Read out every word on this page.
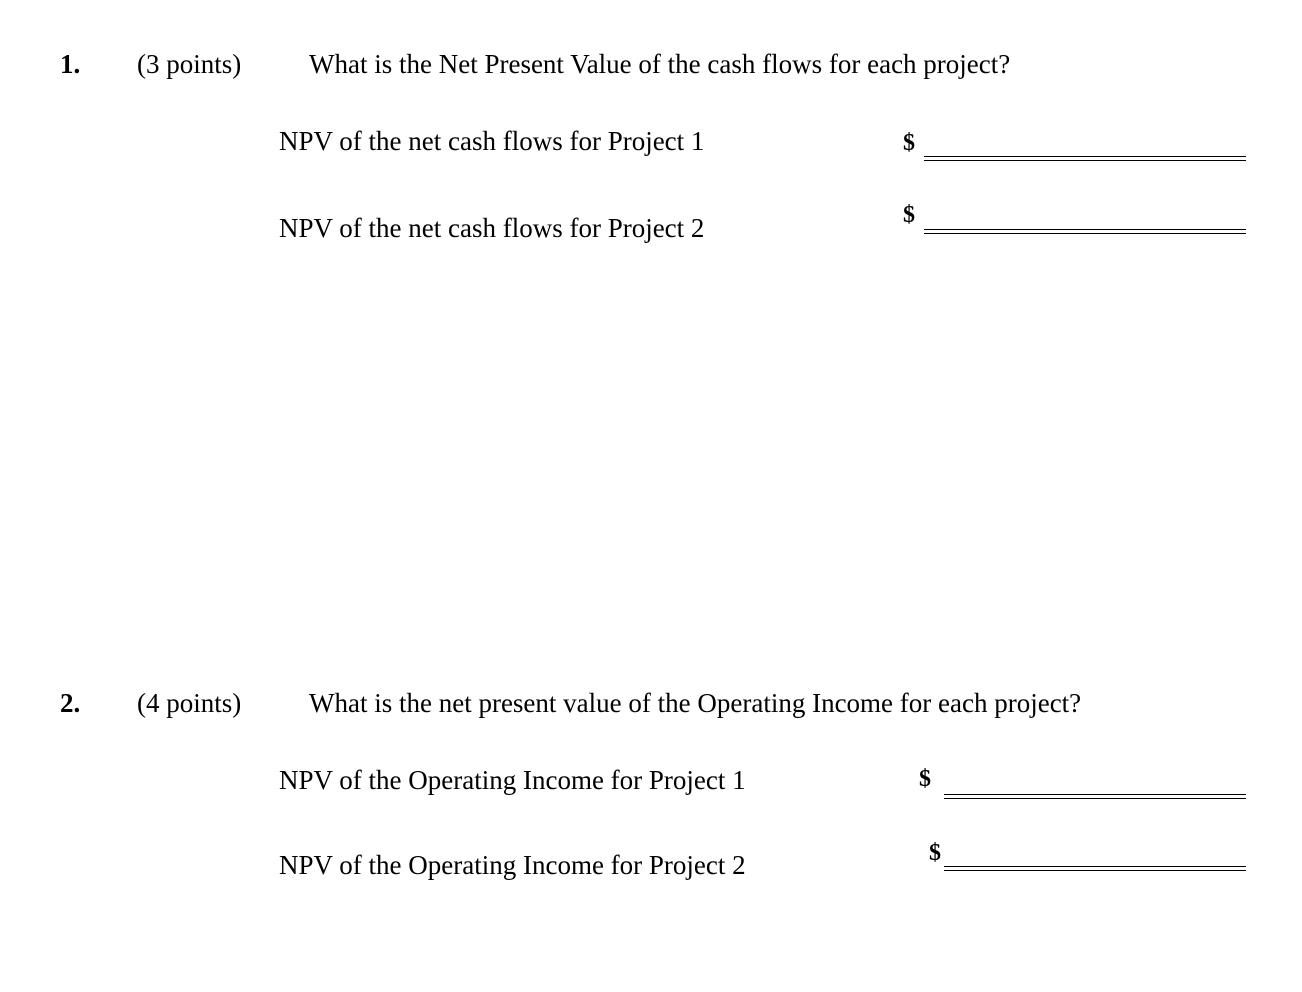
1. (3 points)	What is the Net Present Value of the cash flows for each project?
NPV of the net cash flows for Project 1	$
NPV of the net cash flows for Project 2	$
2. (4 points)	What is the net present value of the Operating Income for each project?
NPV of the Operating Income for Project 1	$
NPV of the Operating Income for Project 2	$
